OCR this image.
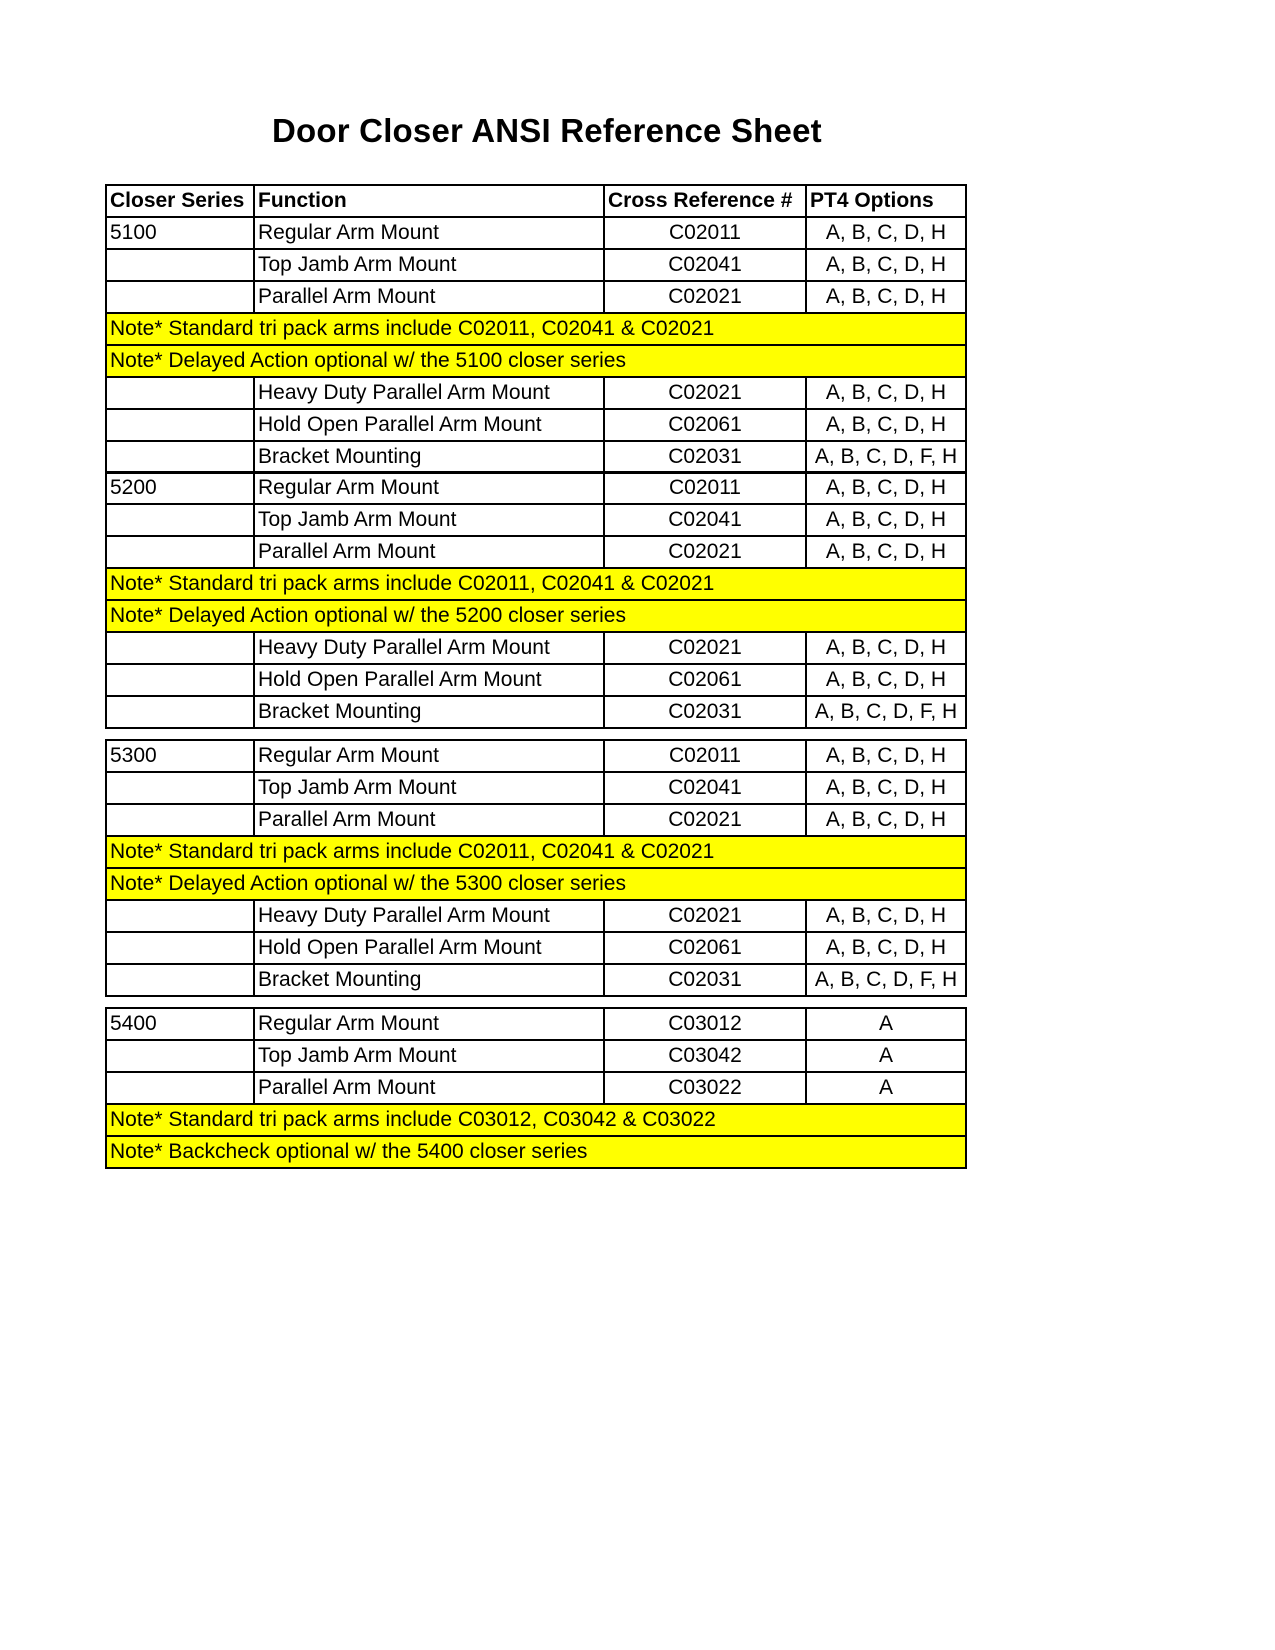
Door Closer ANSI Reference Sheet
Closer Series	Function	Cross Reference #	PT4 Options
5100	Regular Arm Mount	C02011	A, B, C, D, H
	Top Jamb Arm Mount	C02041	A, B, C, D, H
	Parallel Arm Mount	C02021	A, B, C, D, H
Note* Standard tri pack arms include C02011, C02041 & C02021			
Note* Delayed Action optional w/ the 5100 closer series			
	Heavy Duty Parallel Arm Mount	C02021	A, B, C, D, H
	Hold Open Parallel Arm Mount	C02061	A, B, C, D, H
	Bracket Mounting	C02031	A, B, C, D, F, H
5200	Regular Arm Mount	C02011	A, B, C, D, H
	Top Jamb Arm Mount	C02041	A, B, C, D, H
	Parallel Arm Mount	C02021	A, B, C, D, H
Note* Standard tri pack arms include C02011, C02041 & C02021			
Note* Delayed Action optional w/ the 5200 closer series			
	Heavy Duty Parallel Arm Mount	C02021	A, B, C, D, H
	Hold Open Parallel Arm Mount	C02061	A, B, C, D, H
	Bracket Mounting	C02031	A, B, C, D, F, H
5300	Regular Arm Mount	C02011	A, B, C, D, H
	Top Jamb Arm Mount	C02041	A, B, C, D, H
	Parallel Arm Mount	C02021	A, B, C, D, H
Note* Standard tri pack arms include C02011, C02041 & C02021			
Note* Delayed Action optional w/ the 5300 closer series			
	Heavy Duty Parallel Arm Mount	C02021	A, B, C, D, H
	Hold Open Parallel Arm Mount	C02061	A, B, C, D, H
	Bracket Mounting	C02031	A, B, C, D, F, H
5400	Regular Arm Mount	C03012	A
	Top Jamb Arm Mount	C03042	A
	Parallel Arm Mount	C03022	A
Note* Standard tri pack arms include C03012, C03042 & C03022			
Note* Backcheck optional w/ the 5400 closer series			
